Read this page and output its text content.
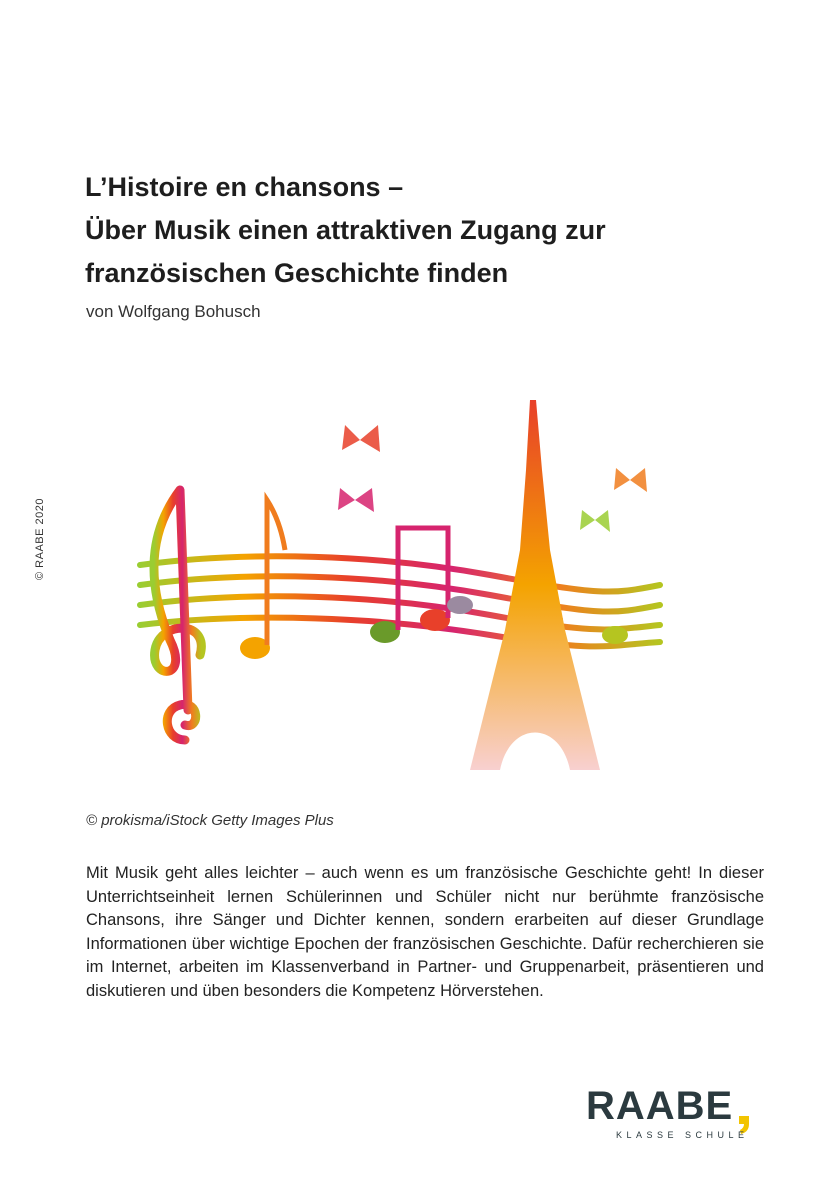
© RAABE 2020
L’Histoire en chansons –
Über Musik einen attraktiven Zugang zur
französischen Geschichte finden
von Wolfgang Bohusch
© prokisma/iStock Getty Images Plus
Mit Musik geht alles leichter – auch wenn es um französische Geschichte geht! In dieser Unterrichtseinheit lernen Schülerinnen und Schüler nicht nur berühmte französische Chansons, ihre Sänger und Dichter kennen, sondern erarbeiten auf dieser Grundlage Informationen über wichtige Epochen der französischen Geschichte. Dafür recherchieren sie im Internet, arbeiten im Klassenverband in Partner- und Gruppenarbeit, präsentieren und diskutieren und üben besonders die Kompetenz Hörverstehen.
RAABE
KLASSE SCHULE
